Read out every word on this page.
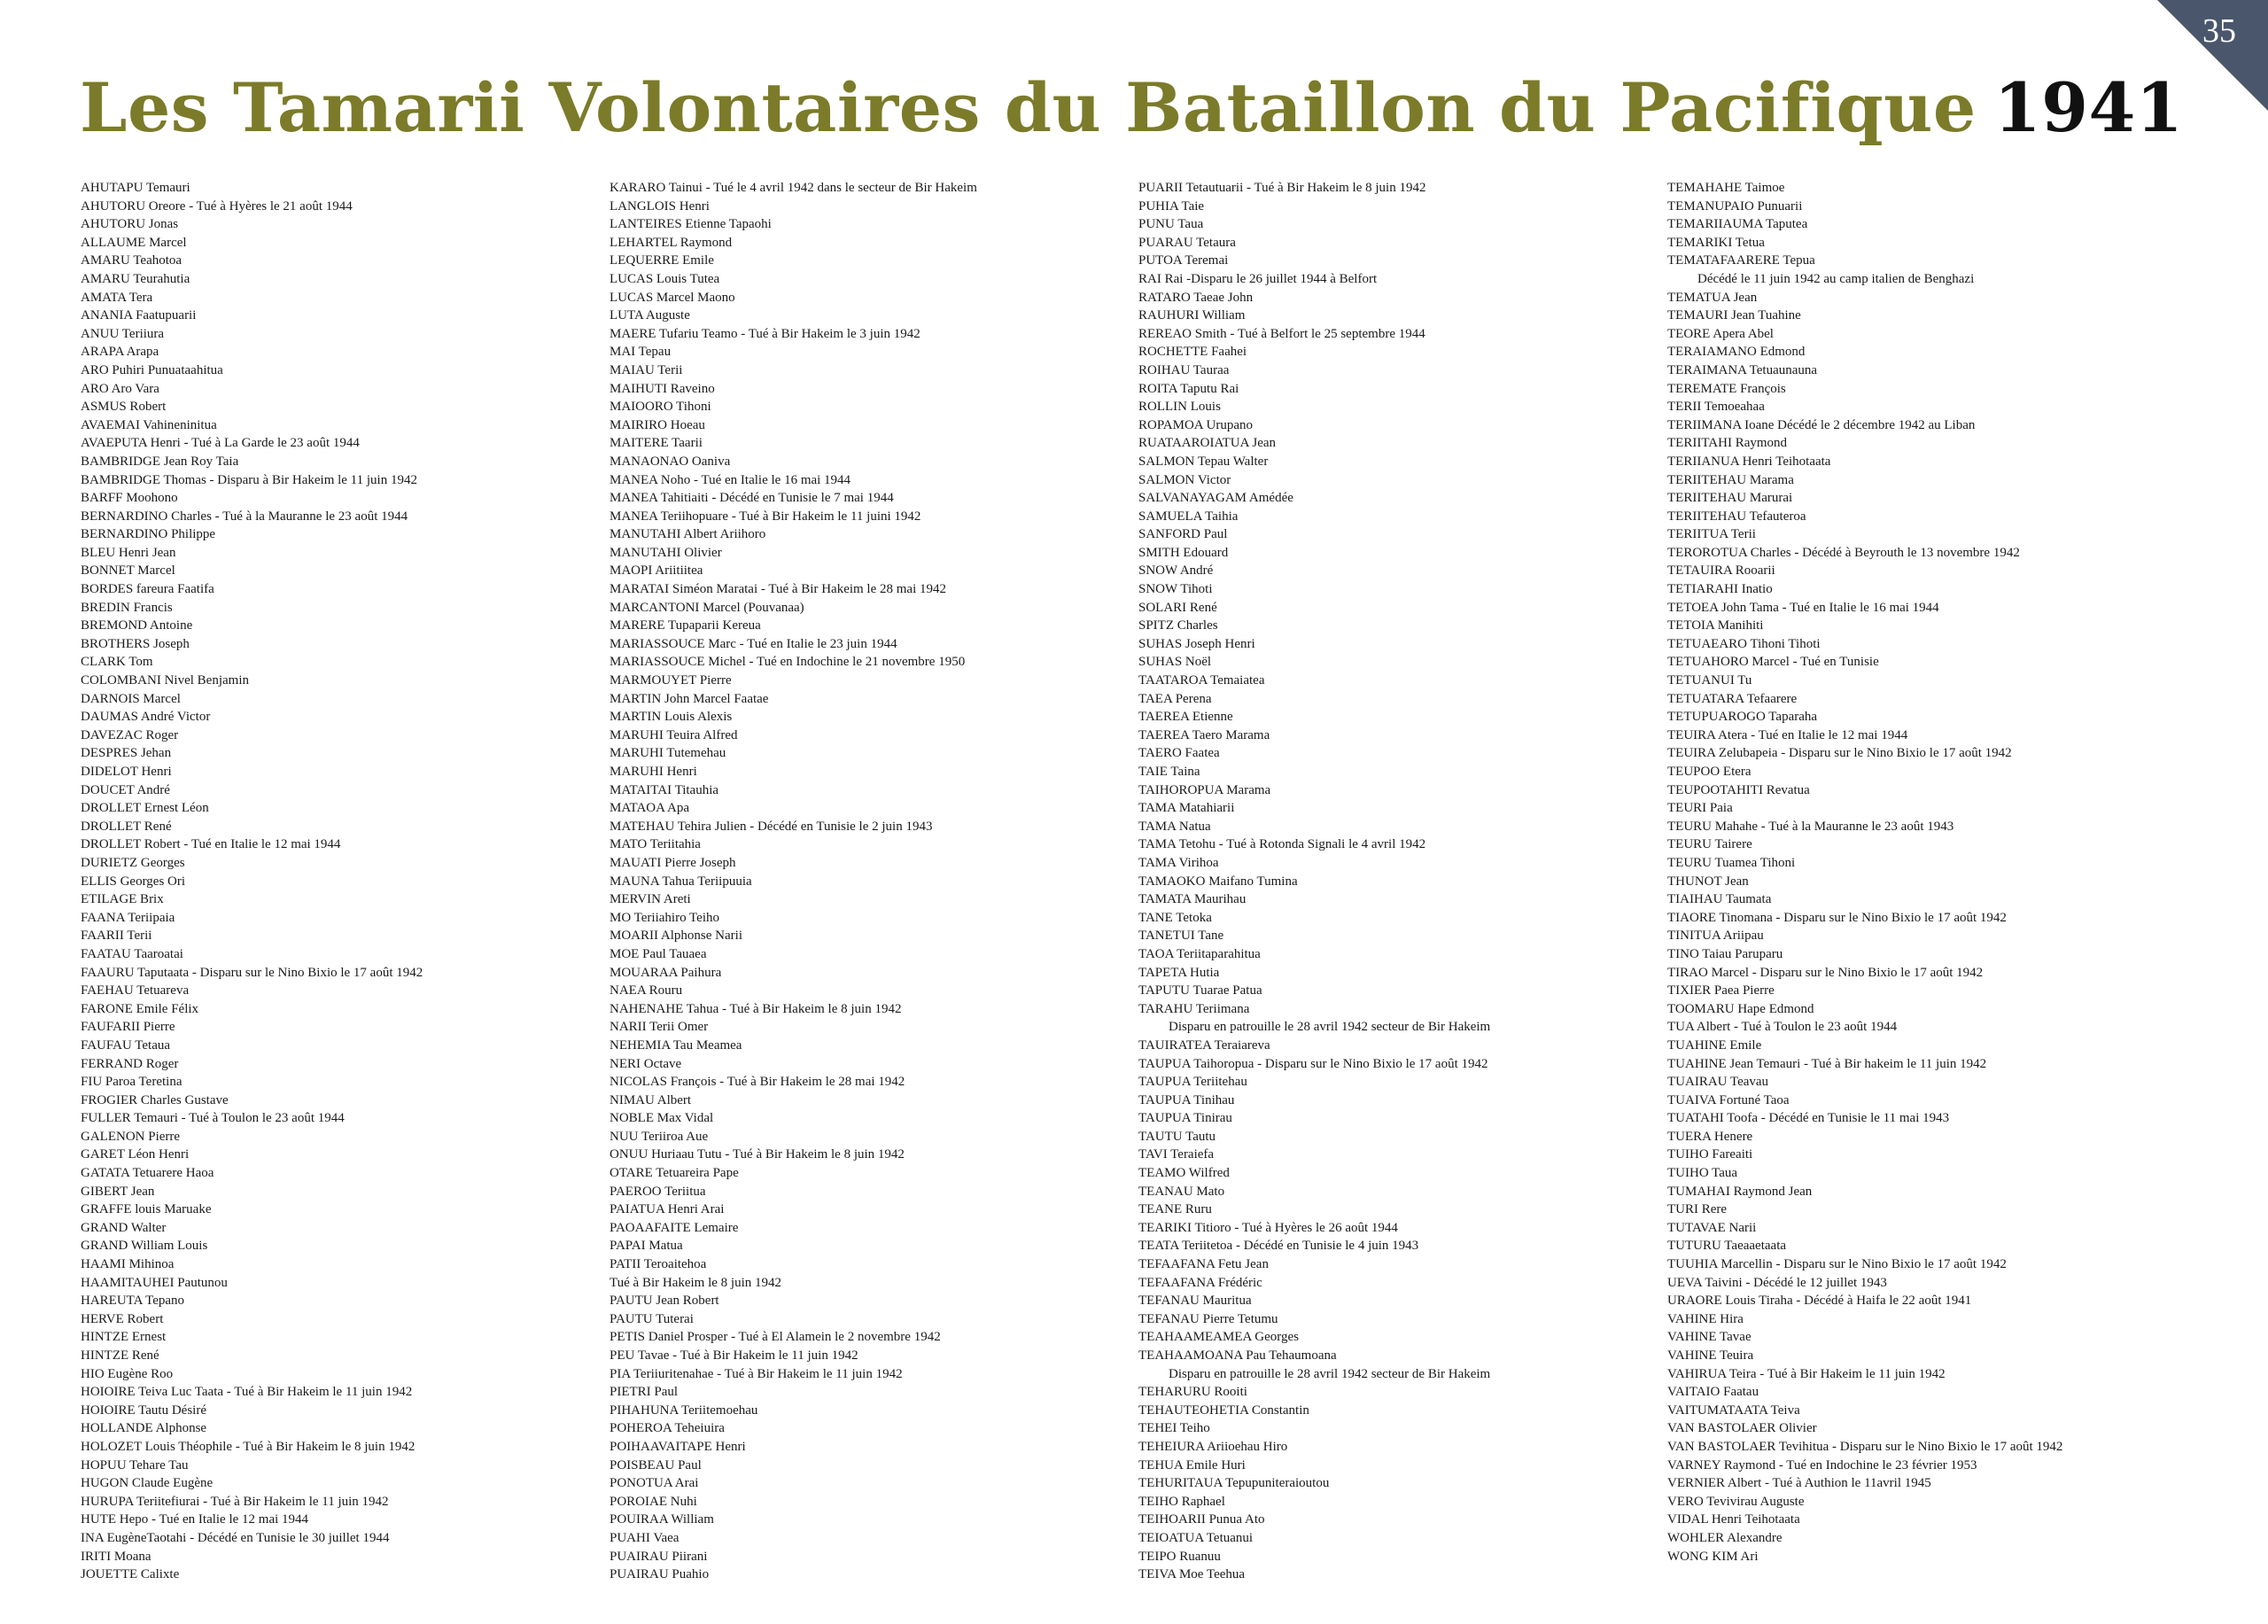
Les Tamarii Volontaires du Bataillon du Pacifique 1941
35
AHUTAPU Temauri
AHUTORU Oreore - Tué à Hyères le 21 août 1944
AHUTORU Jonas
ALLAUME Marcel
AMARU Teahotoa
AMARU Teurahutia
AMATA Tera
ANANIA Faatupuarii
ANUU Teriiura
ARAPA Arapa
ARO Puhiri Punuataahitua
ARO Aro Vara
ASMUS Robert
AVAEMAI Vahineninitua
AVAEPUTA Henri - Tué à La Garde le 23 août 1944
BAMBRIDGE Jean Roy Taia
BAMBRIDGE Thomas - Disparu à Bir Hakeim le 11 juin 1942
BARFF Moohono
BERNARDINO Charles - Tué à la Mauranne le 23 août 1944
BERNARDINO Philippe
BLEU Henri Jean
BONNET Marcel
BORDES fareura Faatifa
BREDIN Francis
BREMOND Antoine
BROTHERS Joseph
CLARK Tom
COLOMBANI Nivel Benjamin
DARNOIS Marcel
DAUMAS André Victor
DAVEZAC Roger
DESPRES Jehan
DIDELOT Henri
DOUCET André
DROLLET Ernest Léon
DROLLET René
DROLLET Robert - Tué en Italie le 12 mai 1944
DURIETZ Georges
ELLIS Georges Ori
ETILAGE Brix
FAANA Teriipaia
FAARII Terii
FAATAU Taaroatai
FAAURU Taputaata - Disparu sur le Nino Bixio le 17 août 1942
FAEHAU Tetuareva
FARONE Emile Félix
FAUFARII Pierre
FAUFAU Tetaua
FERRAND Roger
FIU Paroa Teretina
FROGIER Charles Gustave
FULLER Temauri - Tué à Toulon le 23 août 1944
GALENON Pierre
GARET Léon Henri
GATATA Tetuarere Haoa
GIBERT Jean
GRAFFE louis Maruake
GRAND Walter
GRAND William Louis
HAAMI Mihinoa
HAAMITAUHEI Pautunou
HAREUTA Tepano
HERVE Robert
HINTZE Ernest
HINTZE René
HIO Eugène Roo
HOIOIRE Teiva Luc Taata - Tué à Bir Hakeim le 11 juin 1942
HOIOIRE Tautu Désiré
HOLLANDE Alphonse
HOLOZET Louis Théophile - Tué à Bir Hakeim le 8 juin 1942
HOPUU Tehare Tau
HUGON Claude Eugène
HURUPA Teriitefiurai - Tué à Bir Hakeim le 11 juin 1942
HUTE Hepo - Tué en Italie le 12 mai 1944
INA EugèneTaotahi - Décédé en Tunisie le 30 juillet 1944
IRITI Moana
JOUETTE Calixte
KARARO Tainui - Tué le 4 avril 1942 dans le secteur de Bir Hakeim
LANGLOIS Henri
LANTEIRES Etienne Tapaohi
LEHARTEL Raymond
LEQUERRE Emile
LUCAS Louis Tutea
LUCAS Marcel Maono
LUTA Auguste
MAERE Tufariu Teamo - Tué à Bir Hakeim le 3 juin 1942
MAI Tepau
MAIAU Terii
MAIHUTI Raveino
MAIOORO Tihoni
MAIRIRO Hoeau
MAITERE Taarii
MANAONAO Oaniva
MANEA Noho - Tué en Italie le 16 mai 1944
MANEA Tahitiaiti - Décédé en Tunisie le 7 mai 1944
MANEA Teriihopuare - Tué à Bir Hakeim le 11 juini 1942
MANUTAHI Albert Ariihoro
MANUTAHI Olivier
MAOPI Ariitiitea
MARATAI Siméon Maratai - Tué à Bir Hakeim le 28 mai 1942
MARCANTONI Marcel (Pouvanaa)
MARERE Tupaparii Kereua
MARIASSOUCE Marc - Tué en Italie le 23 juin 1944
MARIASSOUCE Michel - Tué en Indochine le 21 novembre 1950
MARMOUYET Pierre
MARTIN John Marcel Faatae
MARTIN Louis Alexis
MARUHI Teuira Alfred
MARUHI Tutemehau
MARUHI Henri
MATAITAI Titauhia
MATAOA Apa
MATEHAU Tehira Julien - Décédé en Tunisie le 2 juin 1943
MATO Teriitahia
MAUATI Pierre Joseph
MAUNA Tahua Teriipuuia
MERVIN Areti
MO Teriiahiro Teiho
MOARII Alphonse Narii
MOE Paul Tauaea
MOUARAA Paihura
NAEA Rouru
NAHENAHE Tahua - Tué à Bir Hakeim le 8 juin 1942
NARII Terii Omer
NEHEMIA Tau Meamea
NERI Octave
NICOLAS François - Tué à Bir Hakeim le 28 mai 1942
NIMAU Albert
NOBLE Max Vidal
NUU Teriiroa Aue
ONUU Huriaau Tutu - Tué à Bir Hakeim le 8 juin 1942
OTARE Tetuareira Pape
PAEROO Teriitua
PAIATUA Henri Arai
PAOAAFAITE Lemaire
PAPAI Matua
PATII Teroaitehoa
Tué à Bir Hakeim le 8 juin 1942
PAUTU Jean Robert
PAUTU Tuterai
PETIS Daniel Prosper - Tué à El Alamein le 2 novembre 1942
PEU Tavae - Tué à Bir Hakeim le 11 juin 1942
PIA Teriiuritenahae - Tué à Bir Hakeim le 11 juin 1942
PIETRI Paul
PIHAHUNA Teriitemoehau
POHEROA Teheiuira
POIHAAVAITAPE Henri
POISBEAU Paul
PONOTUA Arai
POROIAE Nuhi
POUIRAA William
PUAHI Vaea
PUAIRAU Piirani
PUAIRAU Puahio
PUARII Tetautuarii - Tué à Bir Hakeim le 8 juin 1942
PUHIA Taie
PUNU Taua
PUARAU Tetaura
PUTOA Teremai
RAI Rai -Disparu le 26 juillet 1944 à Belfort
RATARO Taeae John
RAUHURI William
REREAO Smith - Tué à Belfort le 25 septembre 1944
ROCHETTE Faahei
ROIHAU Tauraa
ROITA Taputu Rai
ROLLIN Louis
ROPAMOA Urupano
RUATAAROIATUA Jean
SALMON Tepau Walter
SALMON Victor
SALVANAYAGAM Amédée
SAMUELA Taihia
SANFORD Paul
SMITH Edouard
SNOW André
SNOW Tihoti
SOLARI René
SPITZ Charles
SUHAS Joseph Henri
SUHAS Noël
TAATAROA Temaiatea
TAEA Perena
TAEREA Etienne
TAEREA Taero Marama
TAERO Faatea
TAIE Taina
TAIHOROPUA Marama
TAMA Matahiarii
TAMA Natua
TAMA Tetohu - Tué à Rotonda Signali le 4 avril 1942
TAMA Virihoa
TAMAOKO Maifano Tumina
TAMATA Maurihau
TANE Tetoka
TANETUI Tane
TAOA Teriitaparahitua
TAPETA Hutia
TAPUTU Tuarae Patua
TARAHU Teriimana
Disparu en patrouille le 28 avril 1942 secteur de Bir Hakeim
TAUIRATEA Teraiareva
TAUPUA Taihoropua - Disparu sur le Nino Bixio le 17 août 1942
TAUPUA Teriitehau
TAUPUA Tinihau
TAUPUA Tinirau
TAUTU Tautu
TAVI Teraiefa
TEAMO Wilfred
TEANAU Mato
TEANE Ruru
TEARIKI Titioro - Tué à Hyères le 26 août 1944
TEATA Teriitetoa - Décédé en Tunisie le 4 juin 1943
TEFAAFANA Fetu Jean
TEFAAFANA Frédéric
TEFANAU Mauritua
TEFANAU Pierre Tetumu
TEAHAAMEAMEA Georges
TEAHAAMOANA Pau Tehaumoana
Disparu en patrouille le 28 avril 1942 secteur de Bir Hakeim
TEHARURU Rooiti
TEHAUTEOHETIA Constantin
TEHEI Teiho
TEHEIURA Ariioehau Hiro
TEHUA Emile Huri
TEHURITAUA Tepupuniteraioutou
TEIHO Raphael
TEIHOARII Punua Ato
TEIOATUA Tetuanui
TEIPO Ruanuu
TEIVA Moe Teehua
TEMAHAHE Taimoe
TEMANUPAIO Punuarii
TEMARIIAUMA Taputea
TEMARIKI Tetua
TEMATAFAARERE Tepua
Décédé le 11 juin 1942 au camp italien de Benghazi
TEMATUA Jean
TEMAURI Jean Tuahine
TEORE Apera Abel
TERAIAMANO Edmond
TERAIMANA Tetuaunauna
TEREMATE François
TERII Temoeahaa
TERIIMANA Ioane Décédé le 2 décembre 1942 au Liban
TERIITAHI Raymond
TERIIANUA Henri Teihotaata
TERIITEHAU Marama
TERIITEHAU Marurai
TERIITEHAU Tefauteroa
TERIITUA Terii
TEROROTUA Charles - Décédé à Beyrouth le 13 novembre 1942
TETAUIRA Rooarii
TETIARAHI Inatio
TETOEA John Tama - Tué en Italie le 16 mai 1944
TETOIA Manihiti
TETUAEARO Tihoni Tihoti
TETUAHORO Marcel - Tué en Tunisie
TETUANUI Tu
TETUATARA Tefaarere
TETUPUAROGO Taparaha
TEUIRA Atera - Tué en Italie le 12 mai 1944
TEUIRA Zelubapeia - Disparu sur le Nino Bixio le 17 août 1942
TEUPOO Etera
TEUPOOTAHITI Revatua
TEURI Paia
TEURU Mahahe - Tué à la Mauranne le 23 août 1943
TEURU Tairere
TEURU Tuamea Tihoni
THUNOT Jean
TIAIHAU Taumata
TIAORE Tinomana - Disparu sur le Nino Bixio le 17 août 1942
TINITUA Ariipau
TINO Taiau Paruparu
TIRAO Marcel - Disparu sur le Nino Bixio le 17 août 1942
TIXIER Paea Pierre
TOOMARU Hape Edmond
TUA Albert - Tué à Toulon le 23 août 1944
TUAHINE Emile
TUAHINE Jean Temauri - Tué à Bir hakeim le 11 juin 1942
TUAIRAU Teavau
TUAIVA Fortuné Taoa
TUATAHI Toofa - Décédé en Tunisie le 11 mai 1943
TUERA Henere
TUIHO Fareaiti
TUIHO Taua
TUMAHAI Raymond Jean
TURI Rere
TUTAVAE Narii
TUTURU Taeaaetaata
TUUHIA Marcellin - Disparu sur le Nino Bixio le 17 août 1942
UEVA Taivini - Décédé le 12 juillet 1943
URAORE Louis Tiraha - Décédé à Haifa le 22 août 1941
VAHINE Hira
VAHINE Tavae
VAHINE Teuira
VAHIRUA Teira - Tué à Bir Hakeim le 11 juin 1942
VAITAIO Faatau
VAITUMATAATA Teiva
VAN BASTOLAER Olivier
VAN BASTOLAER Tevihitua - Disparu sur le Nino Bixio le 17 août 1942
VARNEY Raymond - Tué en Indochine le 23 février 1953
VERNIER Albert - Tué à Authion le 11avril 1945
VERO Tevivirau Auguste
VIDAL Henri Teihotaata
WOHLER Alexandre
WONG KIM Ari
